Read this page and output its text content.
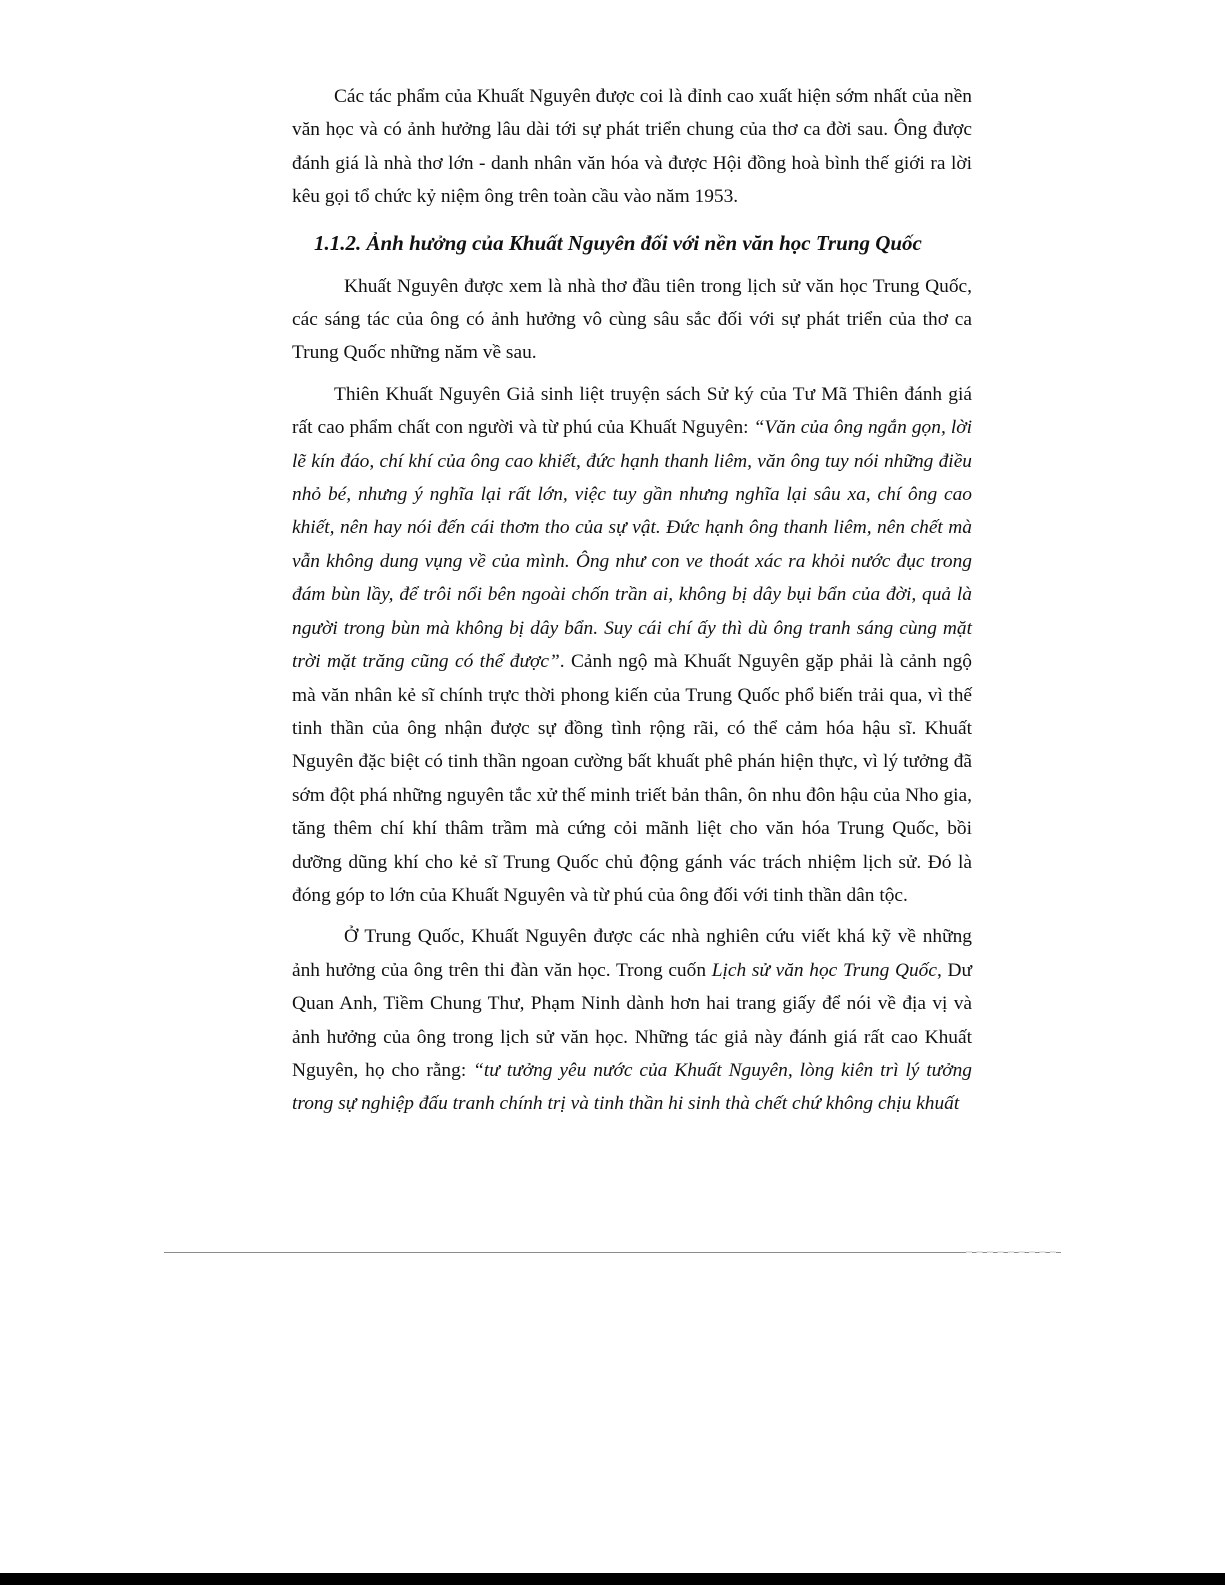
Các tác phẩm của Khuất Nguyên được coi là đỉnh cao xuất hiện sớm nhất của nền văn học và có ảnh hưởng lâu dài tới sự phát triển chung của thơ ca đời sau. Ông được đánh giá là nhà thơ lớn - danh nhân văn hóa và được Hội đồng hoà bình thế giới ra lời kêu gọi tổ chức kỷ niệm ông trên toàn cầu vào năm 1953.

1.1.2. Ảnh hưởng của Khuất Nguyên đối với nền văn học Trung Quốc

Khuất Nguyên được xem là nhà thơ đầu tiên trong lịch sử văn học Trung Quốc, các sáng tác của ông có ảnh hưởng vô cùng sâu sắc đối với sự phát triển của thơ ca Trung Quốc những năm về sau.

Thiên Khuất Nguyên Giả sinh liệt truyện sách Sử ký của Tư Mã Thiên đánh giá rất cao phẩm chất con người và từ phú của Khuất Nguyên: “Văn của ông ngắn gọn, lời lẽ kín đáo, chí khí của ông cao khiết, đức hạnh thanh liêm, văn ông tuy nói những điều nhỏ bé, nhưng ý nghĩa lại rất lớn, việc tuy gần nhưng nghĩa lại sâu xa, chí ông cao khiết, nên hay nói đến cái thơm tho của sự vật. Đức hạnh ông thanh liêm, nên chết mà vẫn không dung vụng về của mình. Ông như con ve thoát xác ra khỏi nước đục trong đám bùn lầy, để trôi nổi bên ngoài chốn trần ai, không bị dây bụi bẩn của đời, quả là người trong bùn mà không bị dây bẩn. Suy cái chí ấy thì dù ông tranh sáng cùng mặt trời mặt trăng cũng có thể được”. Cảnh ngộ mà Khuất Nguyên gặp phải là cảnh ngộ mà văn nhân kẻ sĩ chính trực thời phong kiến của Trung Quốc phổ biến trải qua, vì thế tinh thần của ông nhận được sự đồng tình rộng rãi, có thể cảm hóa hậu sĩ. Khuất Nguyên đặc biệt có tinh thần ngoan cường bất khuất phê phán hiện thực, vì lý tưởng đã sớm đột phá những nguyên tắc xử thế minh triết bản thân, ôn nhu đôn hậu của Nho gia, tăng thêm chí khí thâm trầm mà cứng cỏi mãnh liệt cho văn hóa Trung Quốc, bồi dưỡng dũng khí cho kẻ sĩ Trung Quốc chủ động gánh vác trách nhiệm lịch sử. Đó là đóng góp to lớn của Khuất Nguyên và từ phú của ông đối với tinh thần dân tộc.

Ở Trung Quốc, Khuất Nguyên được các nhà nghiên cứu viết khá kỹ về những ảnh hưởng của ông trên thi đàn văn học. Trong cuốn Lịch sử văn học Trung Quốc, Dư Quan Anh, Tiềm Chung Thư, Phạm Ninh dành hơn hai trang giấy để nói về địa vị và ảnh hưởng của ông trong lịch sử văn học. Những tác giả này đánh giá rất cao Khuất Nguyên, họ cho rằng: “tư tưởng yêu nước của Khuất Nguyên, lòng kiên trì lý tưởng trong sự nghiệp đấu tranh chính trị và tinh thần hi sinh thà chết chứ không chịu khuất
